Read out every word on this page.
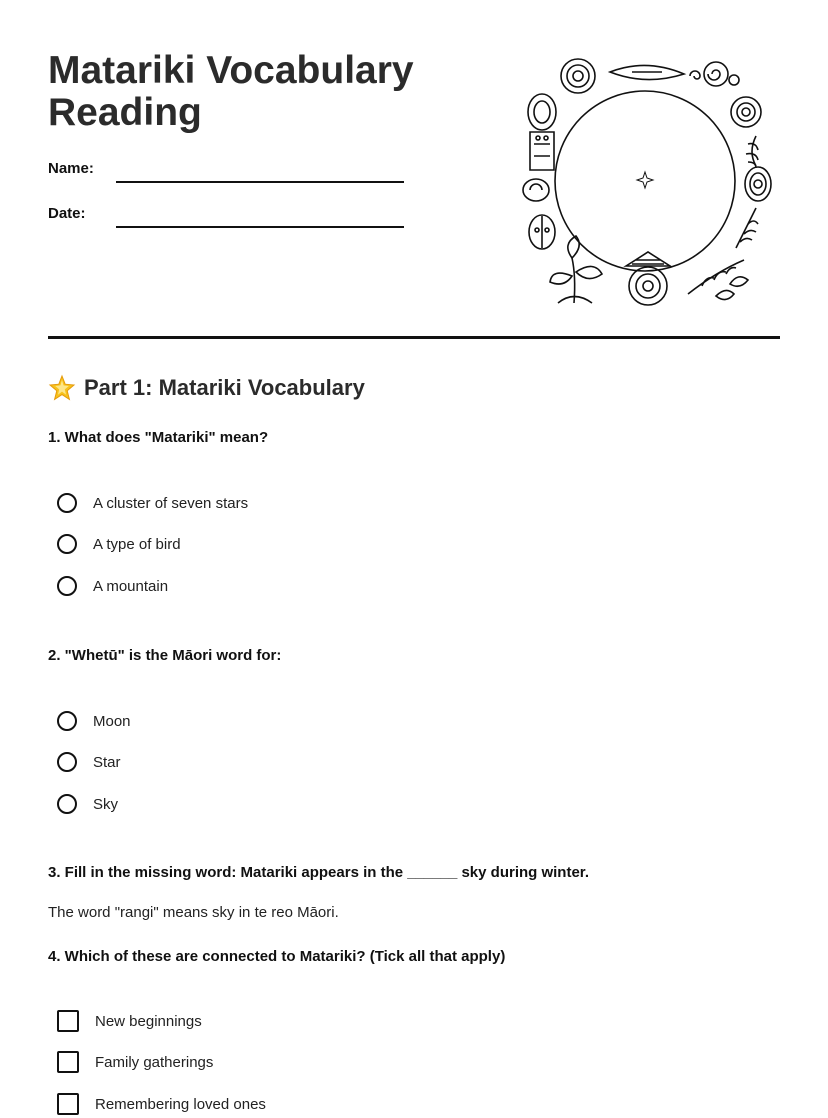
Matariki Vocabulary
Reading
Name:
Date:
Part 1: Matariki Vocabulary
1. What does "Matariki" mean?
A cluster of seven stars
A type of bird
A mountain
2. "Whetū" is the Māori word for:
Moon
Star
Sky
3. Fill in the missing word: Matariki appears in the ______ sky during winter.
The word "rangi" means sky in te reo Māori.
4. Which of these are connected to Matariki? (Tick all that apply)
New beginnings
Family gatherings
Remembering loved ones
